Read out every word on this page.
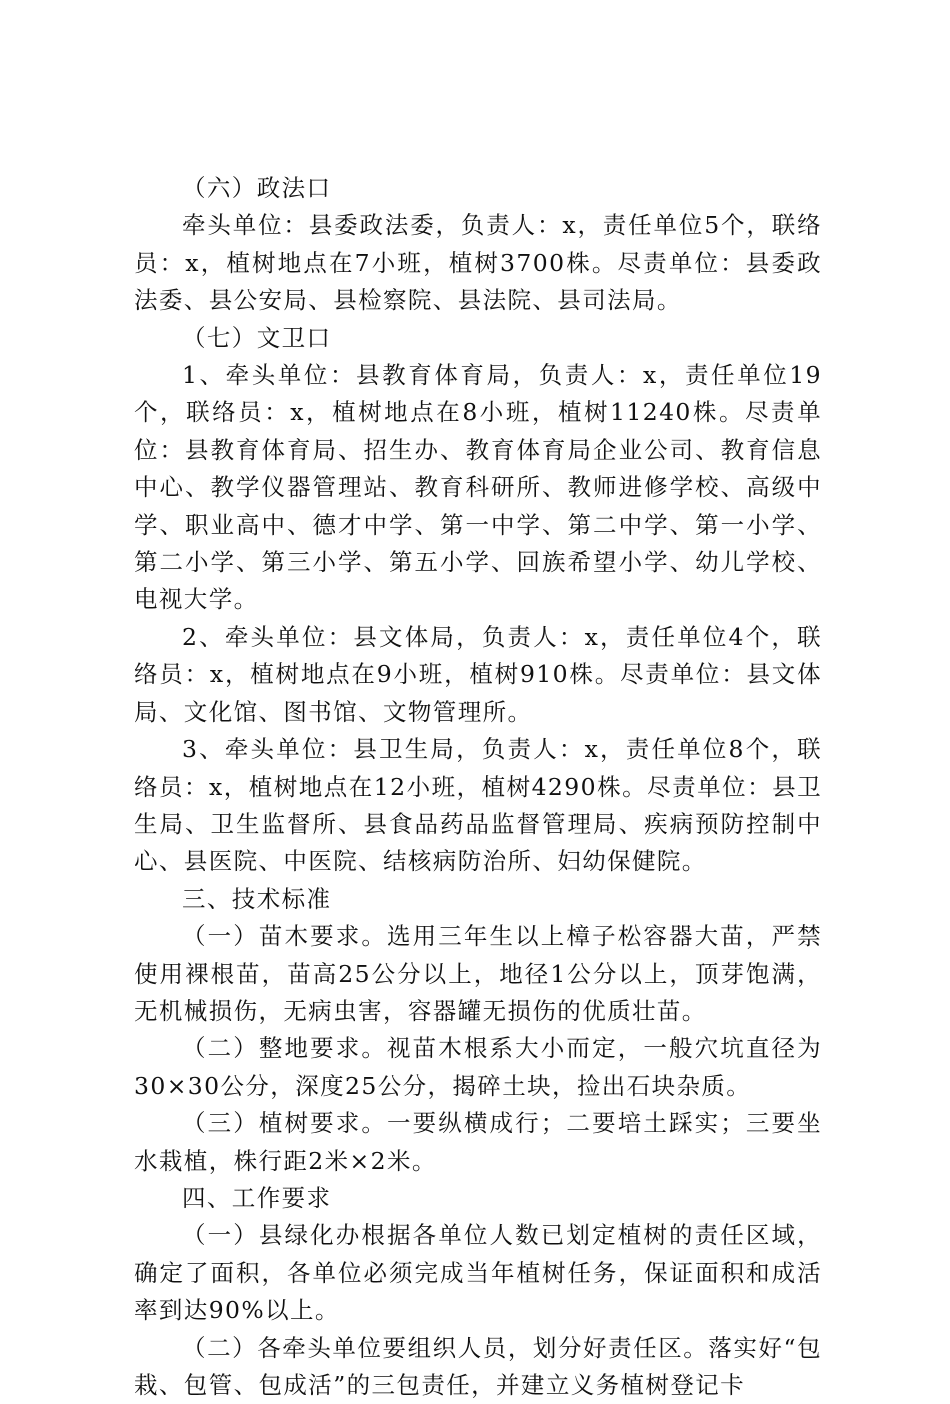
（六）政法口

牵头单位：县委政法委，负责人：x，责任单位5个，联络员：x，植树地点在7小班，植树3700株。尽责单位：县委政法委、县公安局、县检察院、县法院、县司法局。

（七）文卫口

1、牵头单位：县教育体育局，负责人：x，责任单位19个，联络员：x，植树地点在8小班，植树11240株。尽责单位：县教育体育局、招生办、教育体育局企业公司、教育信息中心、教学仪器管理站、教育科研所、教师进修学校、高级中学、职业高中、德才中学、第一中学、第二中学、第一小学、第二小学、第三小学、第五小学、回族希望小学、幼儿学校、电视大学。

2、牵头单位：县文体局，负责人：x，责任单位4个，联络员：x，植树地点在9小班，植树910株。尽责单位：县文体局、文化馆、图书馆、文物管理所。

3、牵头单位：县卫生局，负责人：x，责任单位8个，联络员：x，植树地点在12小班，植树4290株。尽责单位：县卫生局、卫生监督所、县食品药品监督管理局、疾病预防控制中心、县医院、中医院、结核病防治所、妇幼保健院。

三、技术标准

（一）苗木要求。选用三年生以上樟子松容器大苗，严禁使用裸根苗，苗高25公分以上，地径1公分以上，顶芽饱满，无机械损伤，无病虫害，容器罐无损伤的优质壮苗。

（二）整地要求。视苗木根系大小而定，一般穴坑直径为30×30公分，深度25公分，揭碎土块，捡出石块杂质。

（三）植树要求。一要纵横成行；二要培土踩实；三要坐水栽植，株行距2米×2米。

四、工作要求

（一）县绿化办根据各单位人数已划定植树的责任区域，确定了面积，各单位必须完成当年植树任务，保证面积和成活率到达90%以上。

（二）各牵头单位要组织人员，划分好责任区。落实好“包栽、包管、包成活”的三包责任，并建立义务植树登记卡
